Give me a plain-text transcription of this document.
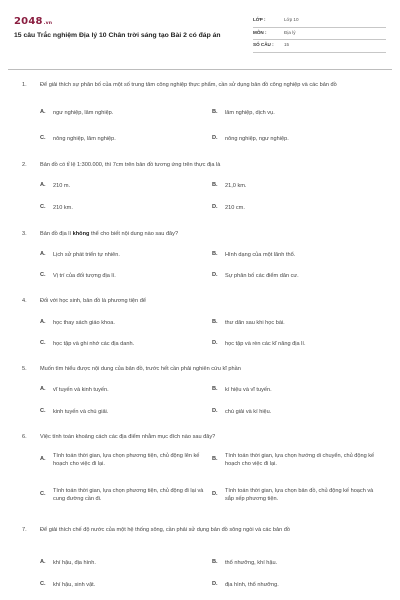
2048.vn
15 câu Trắc nghiệm Địa lý 10 Chân trời sáng tạo Bài 2 có đáp án
LỚP :	Lớp 10
MÔN :	Địa lý
SỐ CÂU : 15
1. Để giải thích sự phân bố của một số trung tâm công nghiệp thực phẩm, cần sử dụng bản đồ công nghiệp và các bản đồ
A. ngư nghiệp, lâm nghiệp.	B. lâm nghiệp, dịch vụ.
C. nông nghiệp, lâm nghiệp.	D. nông nghiệp, ngư nghiệp.
2. Bản đồ có tỉ lệ 1:300.000, thì 7cm trên bản đồ tương ứng trên thực địa là
A. 210 m.	B. 21,0 km.
C. 210 km.	D. 210 cm.
3. Bản đồ địa lí không thể cho biết nội dung nào sau đây?
A. Lịch sử phát triển tự nhiên.	B. Hình dạng của một lãnh thổ.
C. Vị trí của đối tượng địa lí.	D. Sự phân bố các điểm dân cư.
4. Đối với học sinh, bản đồ là phương tiện để
A. học thay sách giáo khoa.	B. thư dãn sau khi học bài.
C. học tập và ghi nhớ các địa danh.	D. học tập và rèn các kĩ năng địa lí.
5. Muốn tìm hiểu được nội dung của bản đồ, trước hết cần phải nghiên cứu kĩ phần
A. vĩ tuyến và kinh tuyến.	B. kí hiệu và vĩ tuyến.
C. kinh tuyến và chú giải.	D. chú giải và kí hiệu.
6. Việc tính toán khoảng cách các địa điểm nhằm mục đích nào sau đây?
A. Tính toán thời gian, lựa chọn phương tiện, chủ động lên kế hoạch cho việc đi lại.
B. Tính toán thời gian, lựa chọn hướng di chuyển, chủ động kế hoạch cho việc đi lại.
C. Tính toán thời gian, lựa chọn phương tiện, chủ động đi lại và cung đường cần đi.
D. Tính toán thời gian, lựa chọn bản đồ, chủ động kế hoạch và sắp xếp phương tiện.
7. Để giải thích chế độ nước của một hệ thống sông, cần phải sử dụng bản đồ sông ngòi và các bản đồ
A. khí hậu, địa hình.	B. thổ nhưỡng, khí hậu.
C. khí hậu, sinh vật.	D. địa hình, thổ nhưỡng.
